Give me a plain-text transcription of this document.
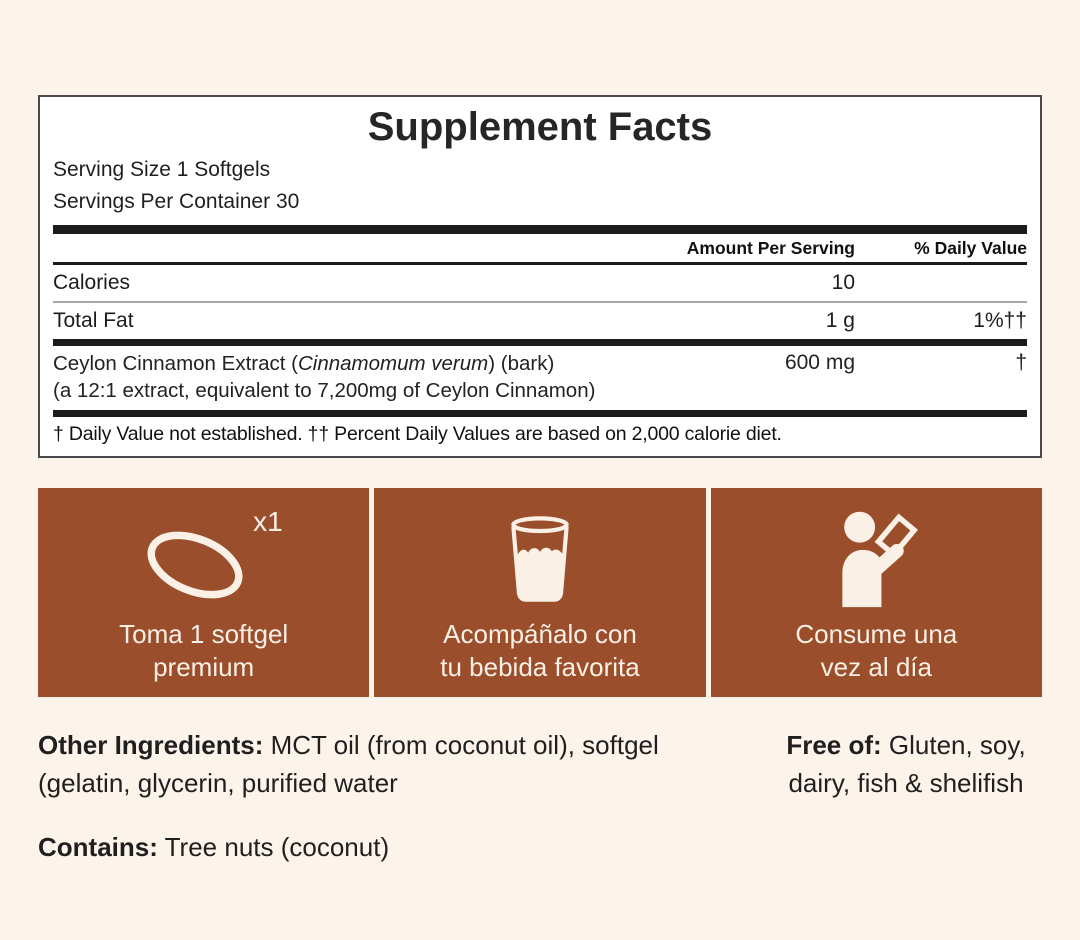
Supplement Facts
Serving Size 1 Softgels
Servings Per Container 30
Amount Per Serving	% Daily Value
Calories	10
Total Fat	1 g	1%††
Ceylon Cinnamon Extract (Cinnamomum verum) (bark)
(a 12:1 extract, equivalent to 7,200mg of Ceylon Cinnamon)
600 mg	†
† Daily Value not established. †† Percent Daily Values are based on 2,000 calorie diet.
x1
Toma 1 softgel
premium
Acompáñalo con
tu bebida favorita
Consume una
vez al día
Other Ingredients: MCT oil (from coconut oil), softgel (gelatin, glycerin, purified water
Free of: Gluten, soy, dairy, fish & shelifish
Contains: Tree nuts (coconut)
